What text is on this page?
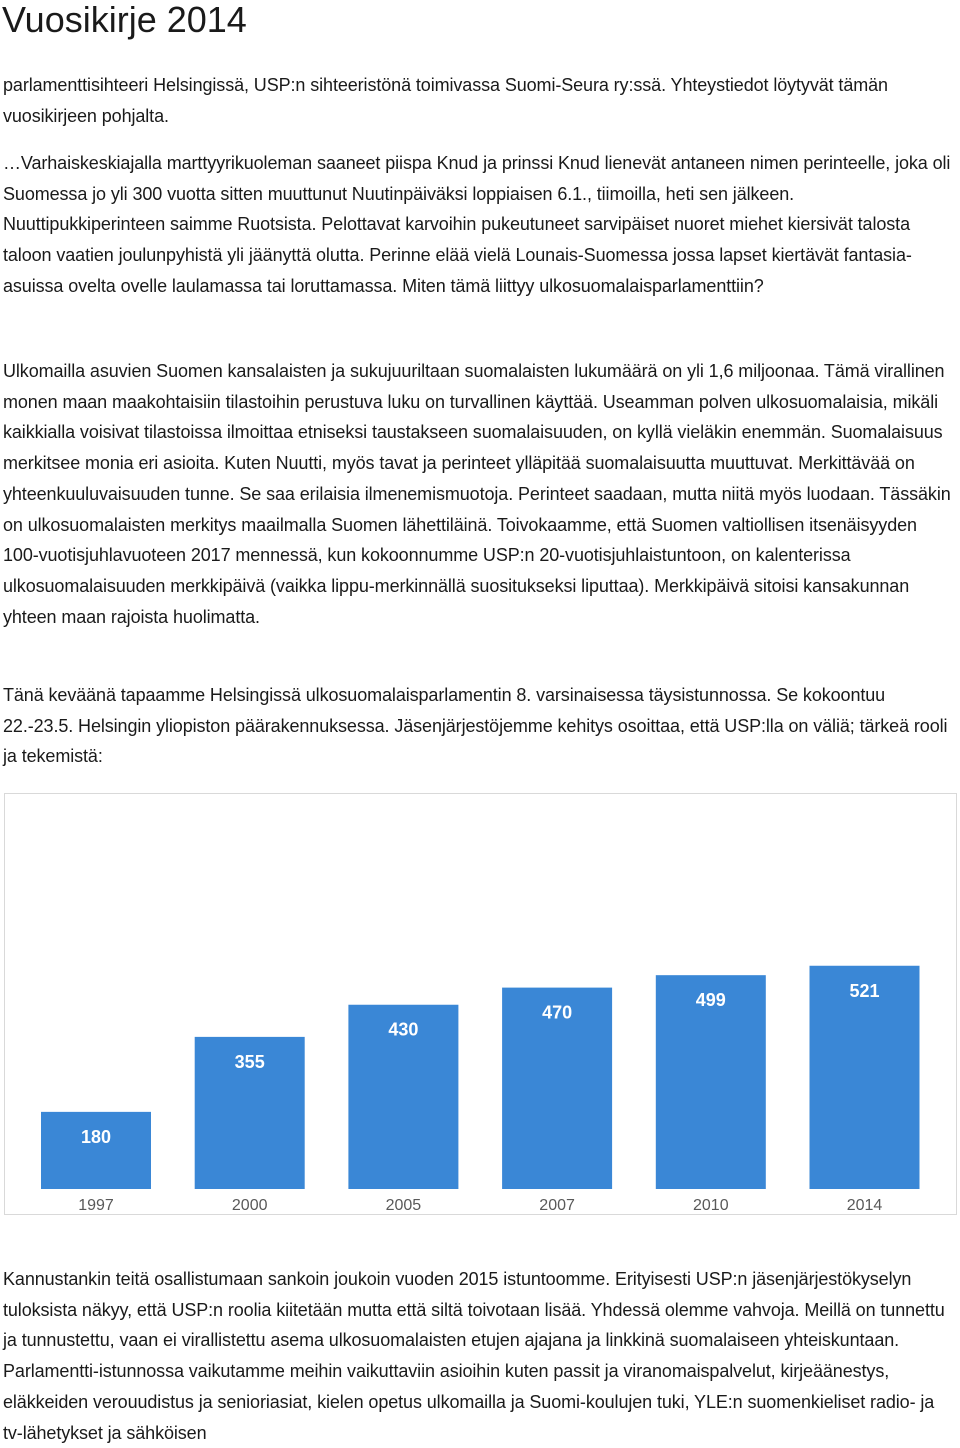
Vuosikirje 2014
parlamenttisihteeri Helsingissä, USP:n sihteeristönä toimivassa Suomi-Seura ry:ssä. Yhteystiedot löytyvät tämän vuosikirjeen pohjalta.
…Varhaiskeskiajalla marttyyrikuoleman saaneet piispa Knud ja prinssi Knud lienevät antaneen nimen perinteelle, joka oli Suomessa jo yli 300 vuotta sitten muuttunut Nuutinpäiväksi loppiaisen 6.1., tiimoilla, heti sen jälkeen. Nuuttipukkiperinteen saimme Ruotsista. Pelottavat karvoihin pukeutuneet sarvipäiset nuoret miehet kiersivät talosta taloon vaatien joulunpyhistä yli jäänyttä olutta. Perinne elää vielä Lounais-Suomessa jossa lapset kiertävät fantasia-asuissa ovelta ovelle laulamassa tai loruttamassa. Miten tämä liittyy ulkosuomalaisparlamenttiin?
Ulkomailla asuvien Suomen kansalaisten ja sukujuuriltaan suomalaisten lukumäärä on yli 1,6 miljoonaa. Tämä virallinen monen maan maakohtaisiin tilastoihin perustuva luku on turvallinen käyttää. Useamman polven ulkosuomalaisia, mikäli kaikkialla voisivat tilastoissa ilmoittaa etniseksi taustakseen suomalaisuuden, on kyllä vieläkin enemmän. Suomalaisuus merkitsee monia eri asioita. Kuten Nuutti, myös tavat ja perinteet ylläpitää suomalaisuutta muuttuvat. Merkittävää on yhteenkuuluvaisuuden tunne. Se saa erilaisia ilmenemismuotoja. Perinteet saadaan, mutta niitä myös luodaan. Tässäkin on ulkosuomalaisten merkitys maailmalla Suomen lähettiläinä. Toivokaamme, että Suomen valtiollisen itsenäisyyden 100-vuotisjuhlavuoteen 2017 mennessä, kun kokoonnumme USP:n 20-vuotisjuhlaistuntoon, on kalenterissa ulkosuomalaisuuden merkkipäivä (vaikka lippu-merkinnällä suositukseksi liputtaa). Merkkipäivä sitoisi kansakunnan yhteen maan rajoista huolimatta.
Tänä keväänä tapaamme Helsingissä ulkosuomalaisparlamentin 8. varsinaisessa täysistunnossa. Se kokoontuu 22.-23.5. Helsingin yliopiston päärakennuksessa. Jäsenjärjestöjemme kehitys osoittaa, että USP:lla on väliä; tärkeä rooli ja tekemistä:
180
1997
355
2000
430
2005
470
2007
499
2010
521
2014
Kannustankin teitä osallistumaan sankoin joukoin vuoden 2015 istuntoomme. Erityisesti USP:n jäsenjärjestökyselyn tuloksista näkyy, että USP:n roolia kiitetään mutta että siltä toivotaan lisää. Yhdessä olemme vahvoja. Meillä on tunnettu ja tunnustettu, vaan ei virallistettu asema ulkosuomalaisten etujen ajajana ja linkkinä suomalaiseen yhteiskuntaan. Parlamentti-istunnossa vaikutamme meihin vaikuttaviin asioihin kuten passit ja viranomaispalvelut, kirjeäänestys, eläkkeiden verouudistus ja senioriasiat, kielen opetus ulkomailla ja Suomi-koulujen tuki, YLE:n suomenkieliset radio- ja tv-lähetykset ja sähköisen
